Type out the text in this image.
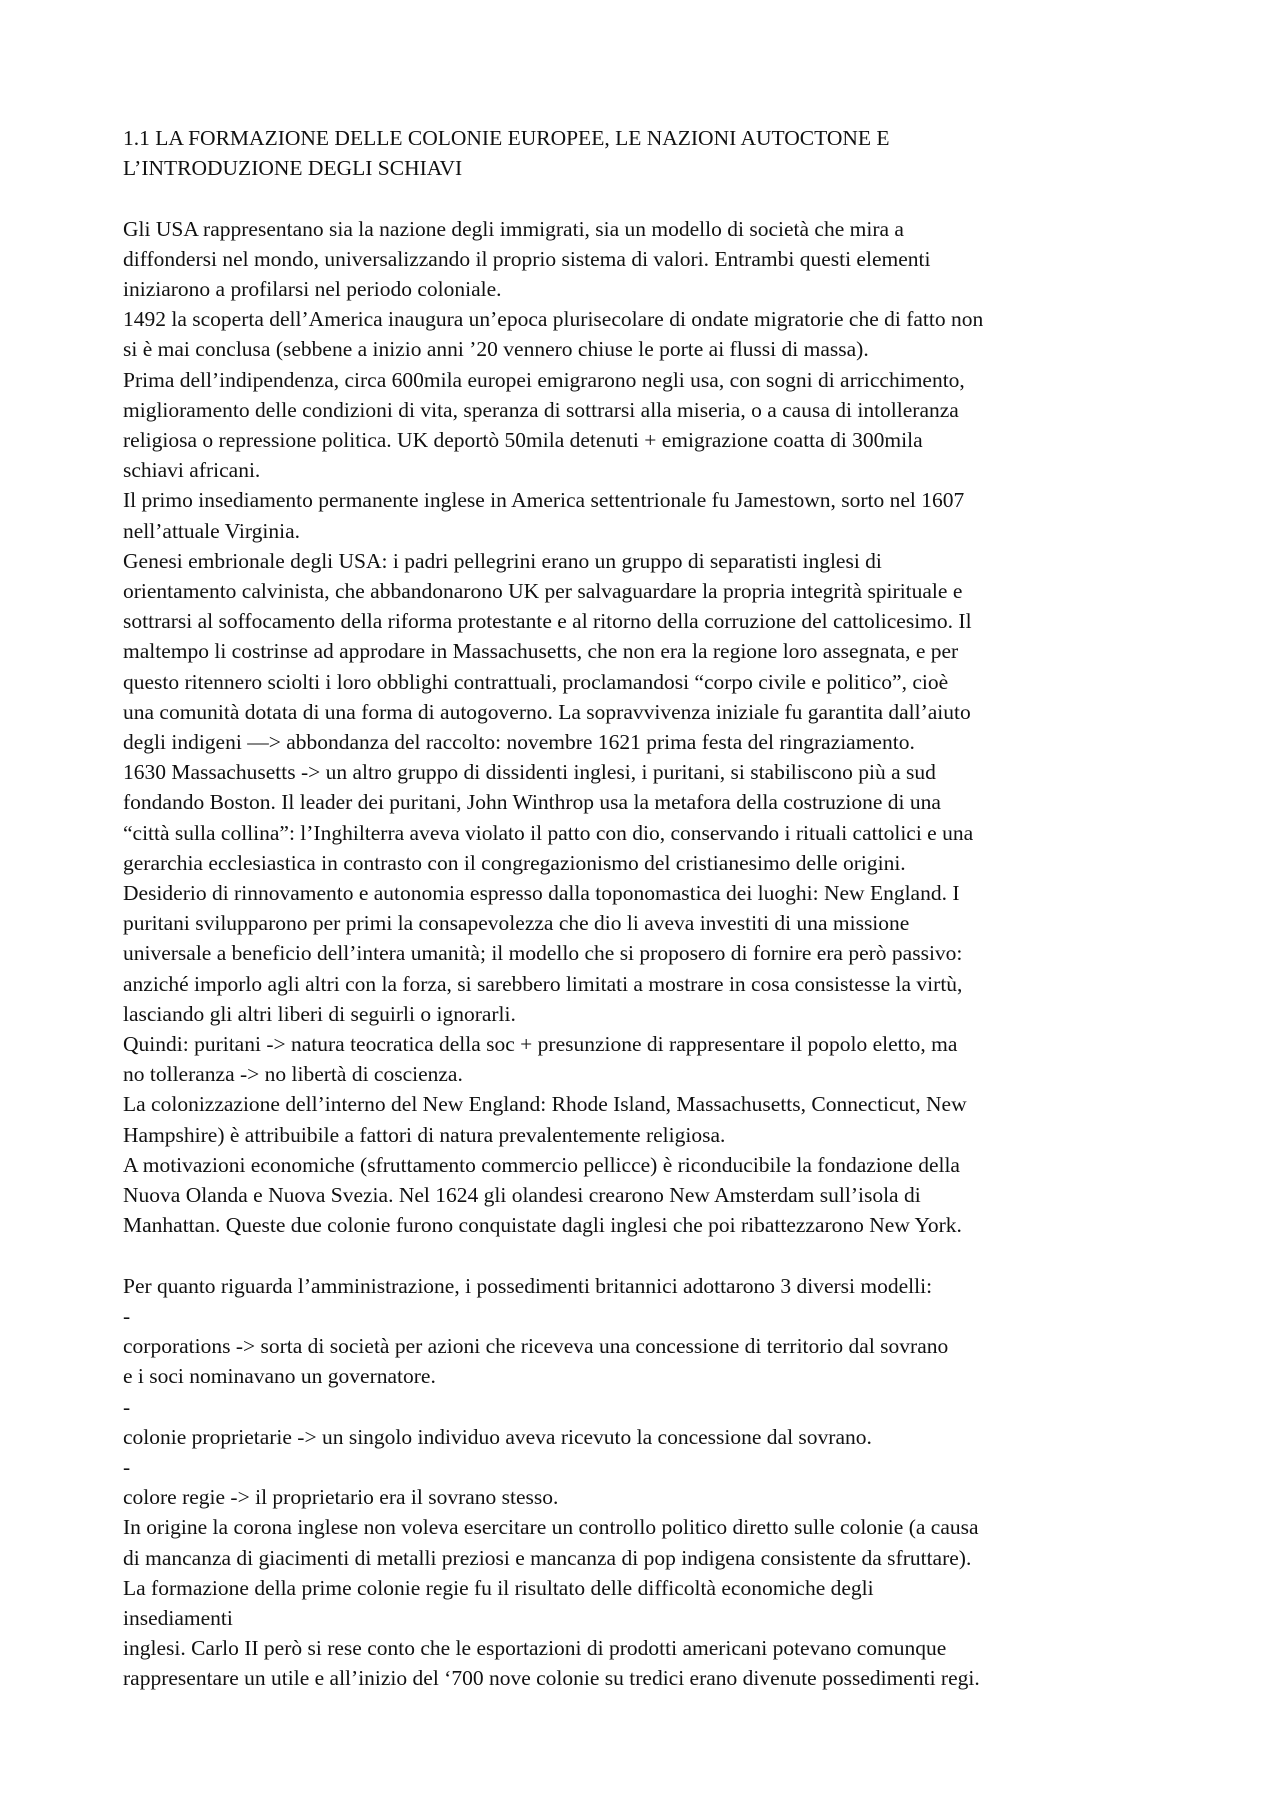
1.1 LA FORMAZIONE DELLE COLONIE EUROPEE, LE NAZIONI AUTOCTONE E
L’INTRODUZIONE DEGLI SCHIAVI
Gli USA rappresentano sia la nazione degli immigrati, sia un modello di società che mira a
diffondersi nel mondo, universalizzando il proprio sistema di valori. Entrambi questi elementi
iniziarono a profilarsi nel periodo coloniale.
1492 la scoperta dell’America inaugura un’epoca plurisecolare di ondate migratorie che di fatto non
si è mai conclusa (sebbene a inizio anni ’20 vennero chiuse le porte ai flussi di massa).
Prima dell’indipendenza, circa 600mila europei emigrarono negli usa, con sogni di arricchimento,
miglioramento delle condizioni di vita, speranza di sottrarsi alla miseria, o a causa di intolleranza
religiosa o repressione politica. UK deportò 50mila detenuti + emigrazione coatta di 300mila
schiavi africani.
Il primo insediamento permanente inglese in America settentrionale fu Jamestown, sorto nel 1607
nell’attuale Virginia.
Genesi embrionale degli USA: i padri pellegrini erano un gruppo di separatisti inglesi di
orientamento calvinista, che abbandonarono UK per salvaguardare la propria integrità spirituale e
sottrarsi al soffocamento della riforma protestante e al ritorno della corruzione del cattolicesimo. Il
maltempo li costrinse ad approdare in Massachusetts, che non era la regione loro assegnata, e per
questo ritennero sciolti i loro obblighi contrattuali, proclamandosi “corpo civile e politico”, cioè
una comunità dotata di una forma di autogoverno. La sopravvivenza iniziale fu garantita dall’aiuto
degli indigeni —> abbondanza del raccolto: novembre 1621 prima festa del ringraziamento.
1630 Massachusetts -> un altro gruppo di dissidenti inglesi, i puritani, si stabiliscono più a sud
fondando Boston. Il leader dei puritani, John Winthrop usa la metafora della costruzione di una
“città sulla collina”: l’Inghilterra aveva violato il patto con dio, conservando i rituali cattolici e una
gerarchia ecclesiastica in contrasto con il congregazionismo del cristianesimo delle origini.
Desiderio di rinnovamento e autonomia espresso dalla toponomastica dei luoghi: New England. I
puritani svilupparono per primi la consapevolezza che dio li aveva investiti di una missione
universale a beneficio dell’intera umanità; il modello che si proposero di fornire era però passivo:
anziché imporlo agli altri con la forza, si sarebbero limitati a mostrare in cosa consistesse la virtù,
lasciando gli altri liberi di seguirli o ignorarli.
Quindi: puritani -> natura teocratica della soc + presunzione di rappresentare il popolo eletto, ma
no tolleranza -> no libertà di coscienza.
La colonizzazione dell’interno del New England: Rhode Island, Massachusetts, Connecticut, New
Hampshire) è attribuibile a fattori di natura prevalentemente religiosa.
A motivazioni economiche (sfruttamento commercio pellicce) è riconducibile la fondazione della
Nuova Olanda e Nuova Svezia. Nel 1624 gli olandesi crearono New Amsterdam sull’isola di
Manhattan. Queste due colonie furono conquistate dagli inglesi che poi ribattezzarono New York.
Per quanto riguarda l’amministrazione, i possedimenti britannici adottarono 3 diversi modelli:
-
corporations -> sorta di società per azioni che riceveva una concessione di territorio dal sovrano
e i soci nominavano un governatore.
-
colonie proprietarie -> un singolo individuo aveva ricevuto la concessione dal sovrano.
-
colore regie -> il proprietario era il sovrano stesso.
In origine la corona inglese non voleva esercitare un controllo politico diretto sulle colonie (a causa
di mancanza di giacimenti di metalli preziosi e mancanza di pop indigena consistente da sfruttare).
La formazione della prime colonie regie fu il risultato delle difficoltà economiche degli
insediamenti
inglesi. Carlo II però si rese conto che le esportazioni di prodotti americani potevano comunque
rappresentare un utile e all’inizio del ‘700 nove colonie su tredici erano divenute possedimenti regi.
